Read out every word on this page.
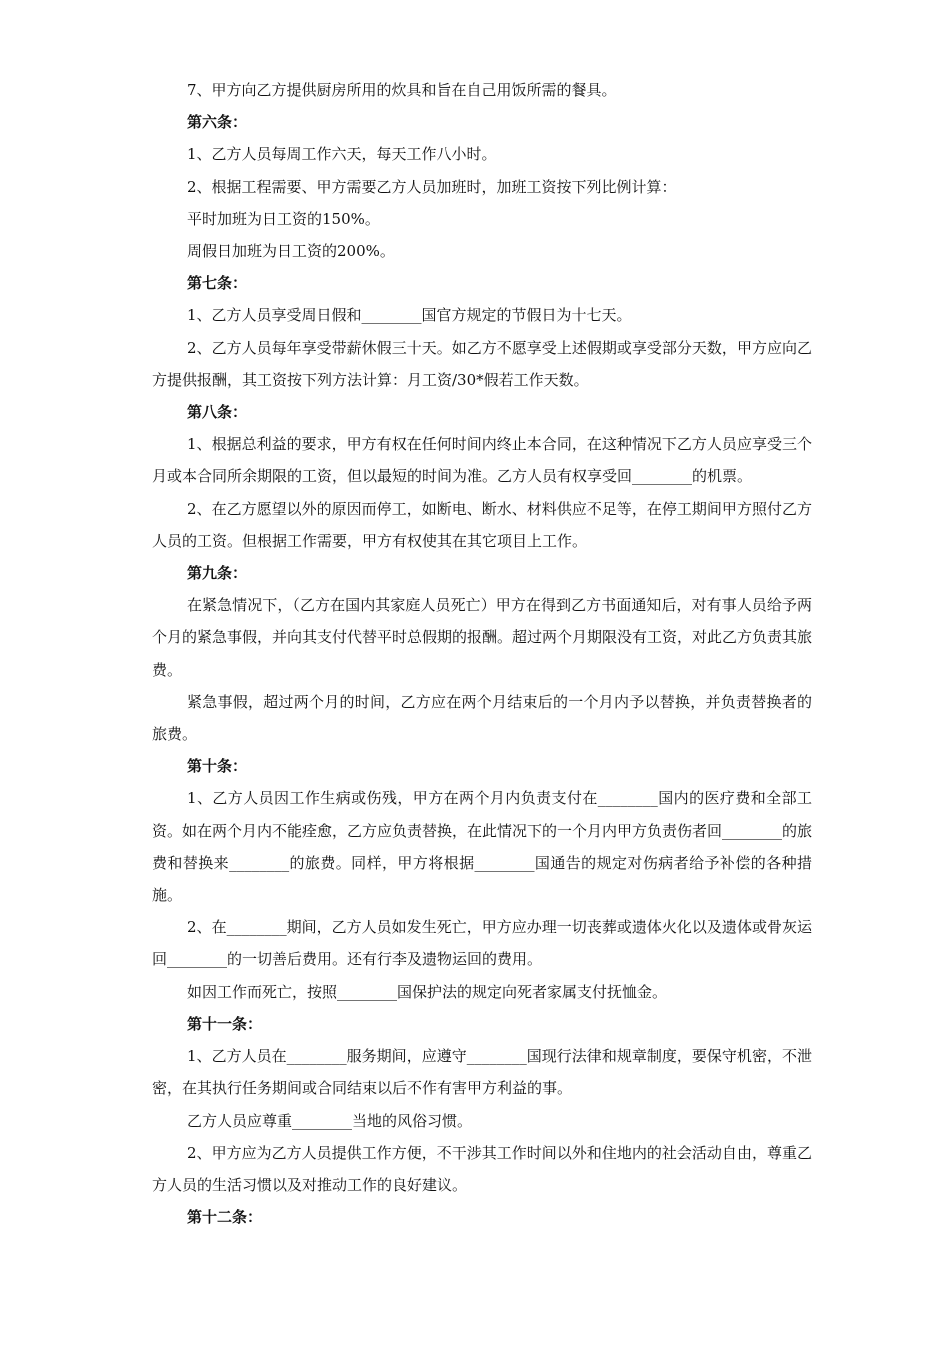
7、甲方向乙方提供厨房所用的炊具和旨在自己用饭所需的餐具。

第六条：

1、乙方人员每周工作六天，每天工作八小时。

2、根据工程需要、甲方需要乙方人员加班时，加班工资按下列比例计算：

平时加班为日工资的150%。

周假日加班为日工资的200%。

第七条：

1、乙方人员享受周日假和________国官方规定的节假日为十七天。

2、乙方人员每年享受带薪休假三十天。如乙方不愿享受上述假期或享受部分天数，甲方应向乙方提供报酬，其工资按下列方法计算：月工资/30*假若工作天数。

第八条：

1、根据总利益的要求，甲方有权在任何时间内终止本合同，在这种情况下乙方人员应享受三个月或本合同所余期限的工资，但以最短的时间为准。乙方人员有权享受回________的机票。

2、在乙方愿望以外的原因而停工，如断电、断水、材料供应不足等，在停工期间甲方照付乙方人员的工资。但根据工作需要，甲方有权使其在其它项目上工作。

第九条：

在紧急情况下，（乙方在国内其家庭人员死亡）甲方在得到乙方书面通知后，对有事人员给予两个月的紧急事假，并向其支付代替平时总假期的报酬。超过两个月期限没有工资，对此乙方负责其旅费。

紧急事假，超过两个月的时间，乙方应在两个月结束后的一个月内予以替换，并负责替换者的旅费。

第十条：

1、乙方人员因工作生病或伤残，甲方在两个月内负责支付在________国内的医疗费和全部工资。如在两个月内不能痊愈，乙方应负责替换，在此情况下的一个月内甲方负责伤者回________的旅费和替换来________的旅费。同样，甲方将根据________国通告的规定对伤病者给予补偿的各种措施。

2、在________期间，乙方人员如发生死亡，甲方应办理一切丧葬或遗体火化以及遗体或骨灰运回________的一切善后费用。还有行李及遗物运回的费用。

如因工作而死亡，按照________国保护法的规定向死者家属支付抚恤金。

第十一条：

1、乙方人员在________服务期间，应遵守________国现行法律和规章制度，要保守机密，不泄密，在其执行任务期间或合同结束以后不作有害甲方利益的事。

乙方人员应尊重________当地的风俗习惯。

2、甲方应为乙方人员提供工作方便，不干涉其工作时间以外和住地内的社会活动自由，尊重乙方人员的生活习惯以及对推动工作的良好建议。

第十二条：
